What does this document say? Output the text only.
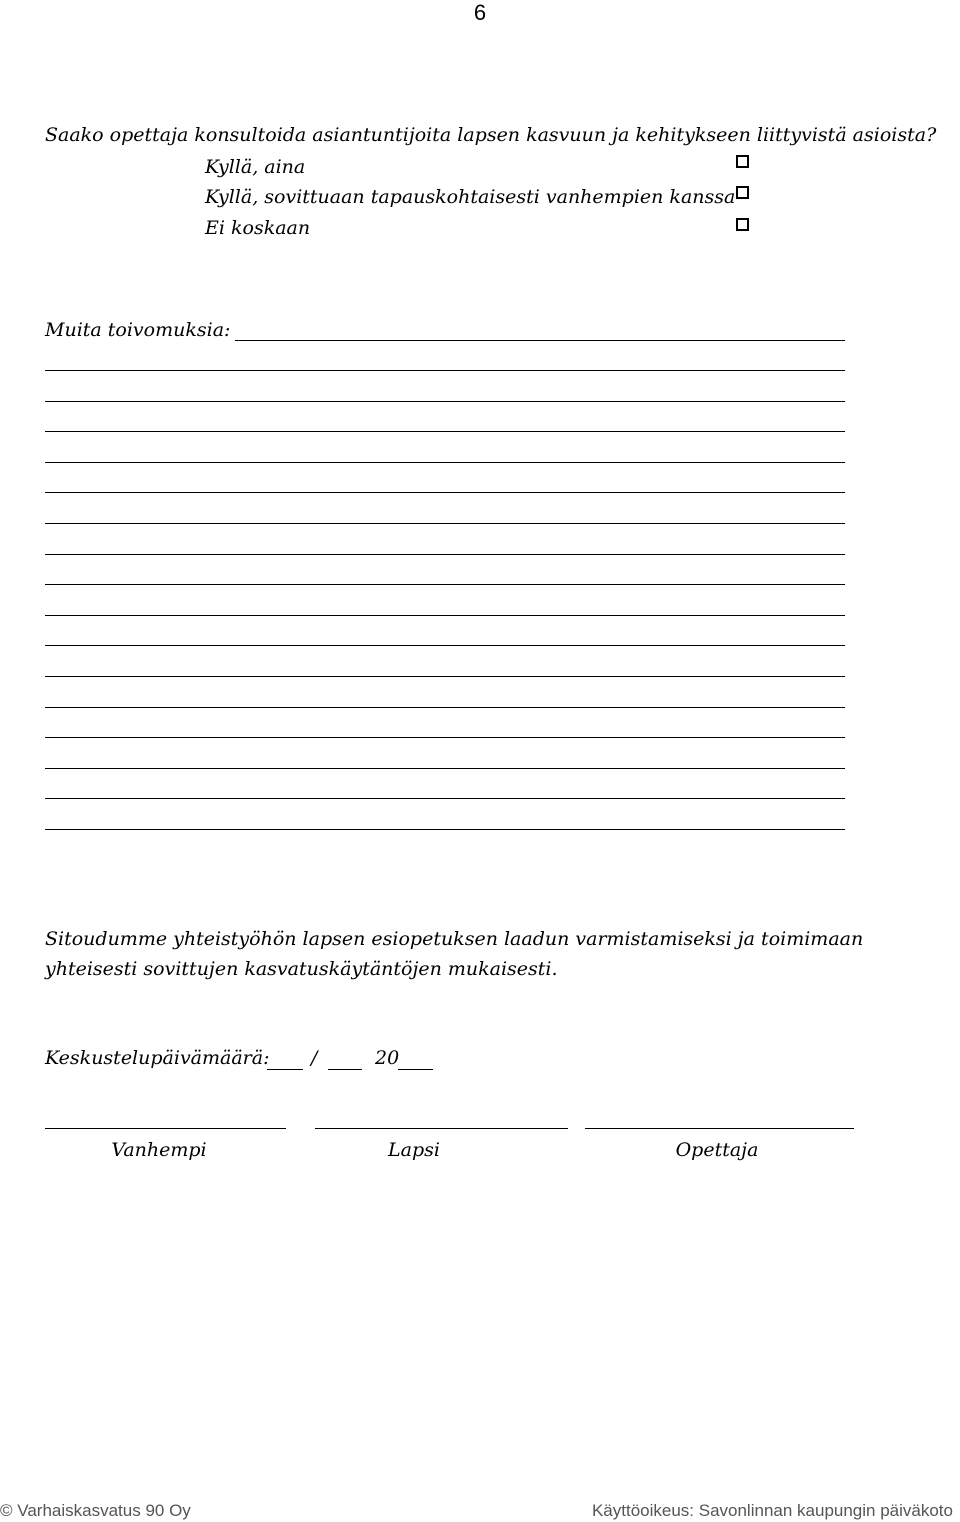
6
Saako opettaja konsultoida asiantuntijoita lapsen kasvuun ja kehitykseen liittyvistä asioista?
Kyllä, aina
Kyllä, sovittuaan tapauskohtaisesti vanhempien kanssa
Ei koskaan
Muita toivomuksia:
Sitoudumme yhteistyöhön lapsen esiopetuksen laadun varmistamiseksi ja toimimaan yhteisesti sovittujen kasvatuskäytäntöjen mukaisesti.
Keskustelupäivämäärä: /	20
Vanhempi	Lapsi	Opettaja
© Varhaiskasvatus 90 Oy	Käyttöoikeus: Savonlinnan kaupungin päiväkoto
